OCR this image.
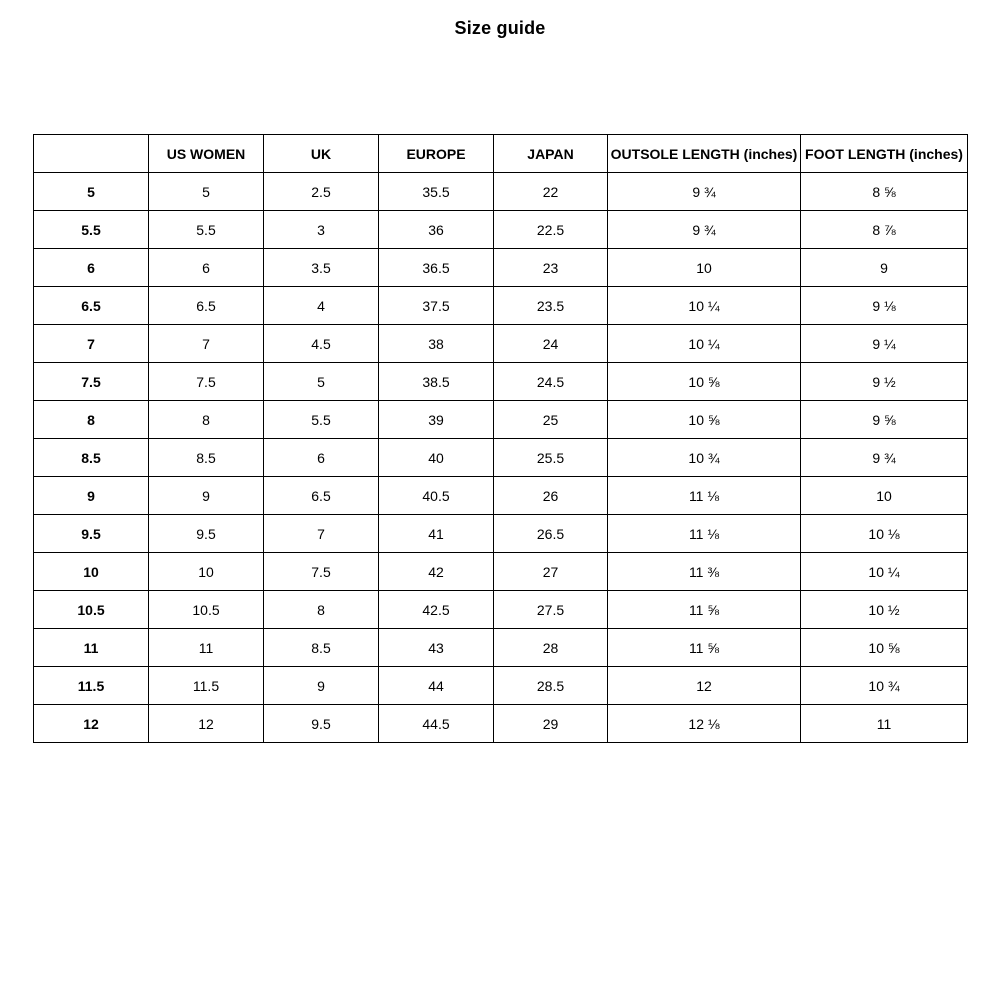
Size guide
	US WOMEN	UK	EUROPE	JAPAN	OUTSOLE LENGTH (inches)	FOOT LENGTH (inches)
5	5	2.5	35.5	22	9 ¾	8 ⅝
5.5	5.5	3	36	22.5	9 ¾	8 ⅞
6	6	3.5	36.5	23	10	9
6.5	6.5	4	37.5	23.5	10 ¼	9 ⅛
7	7	4.5	38	24	10 ¼	9 ¼
7.5	7.5	5	38.5	24.5	10 ⅝	9 ½
8	8	5.5	39	25	10 ⅝	9 ⅝
8.5	8.5	6	40	25.5	10 ¾	9 ¾
9	9	6.5	40.5	26	11 ⅛	10
9.5	9.5	7	41	26.5	11 ⅛	10 ⅛
10	10	7.5	42	27	11 ⅜	10 ¼
10.5	10.5	8	42.5	27.5	11 ⅝	10 ½
11	11	8.5	43	28	11 ⅝	10 ⅝
11.5	11.5	9	44	28.5	12	10 ¾
12	12	9.5	44.5	29	12 ⅛	11
